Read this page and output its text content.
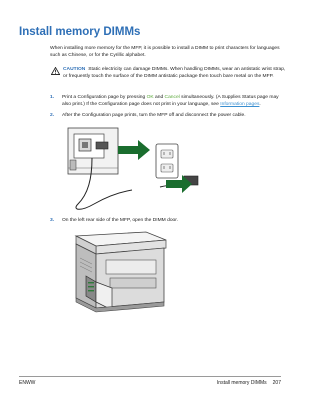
Install memory DIMMs

When installing more memory for the MFP, it is possible to install a DIMM to print characters for languages such as Chinese, or for the Cyrillic alphabet.

CAUTION Static electricity can damage DIMMs. When handling DIMMs, wear an antistatic wrist strap, or frequently touch the surface of the DIMM antistatic package then touch bare metal on the MFP.

1. Print a Configuration page by pressing OK and Cancel simultaneously. (A Supplies Status page may also print.) If the Configuration page does not print in your language, see Information pages.
2. After the Configuration page prints, turn the MFP off and disconnect the power cable.
3. On the left rear side of the MFP, open the DIMM door.
ENWW	Install memory DIMMs 207
